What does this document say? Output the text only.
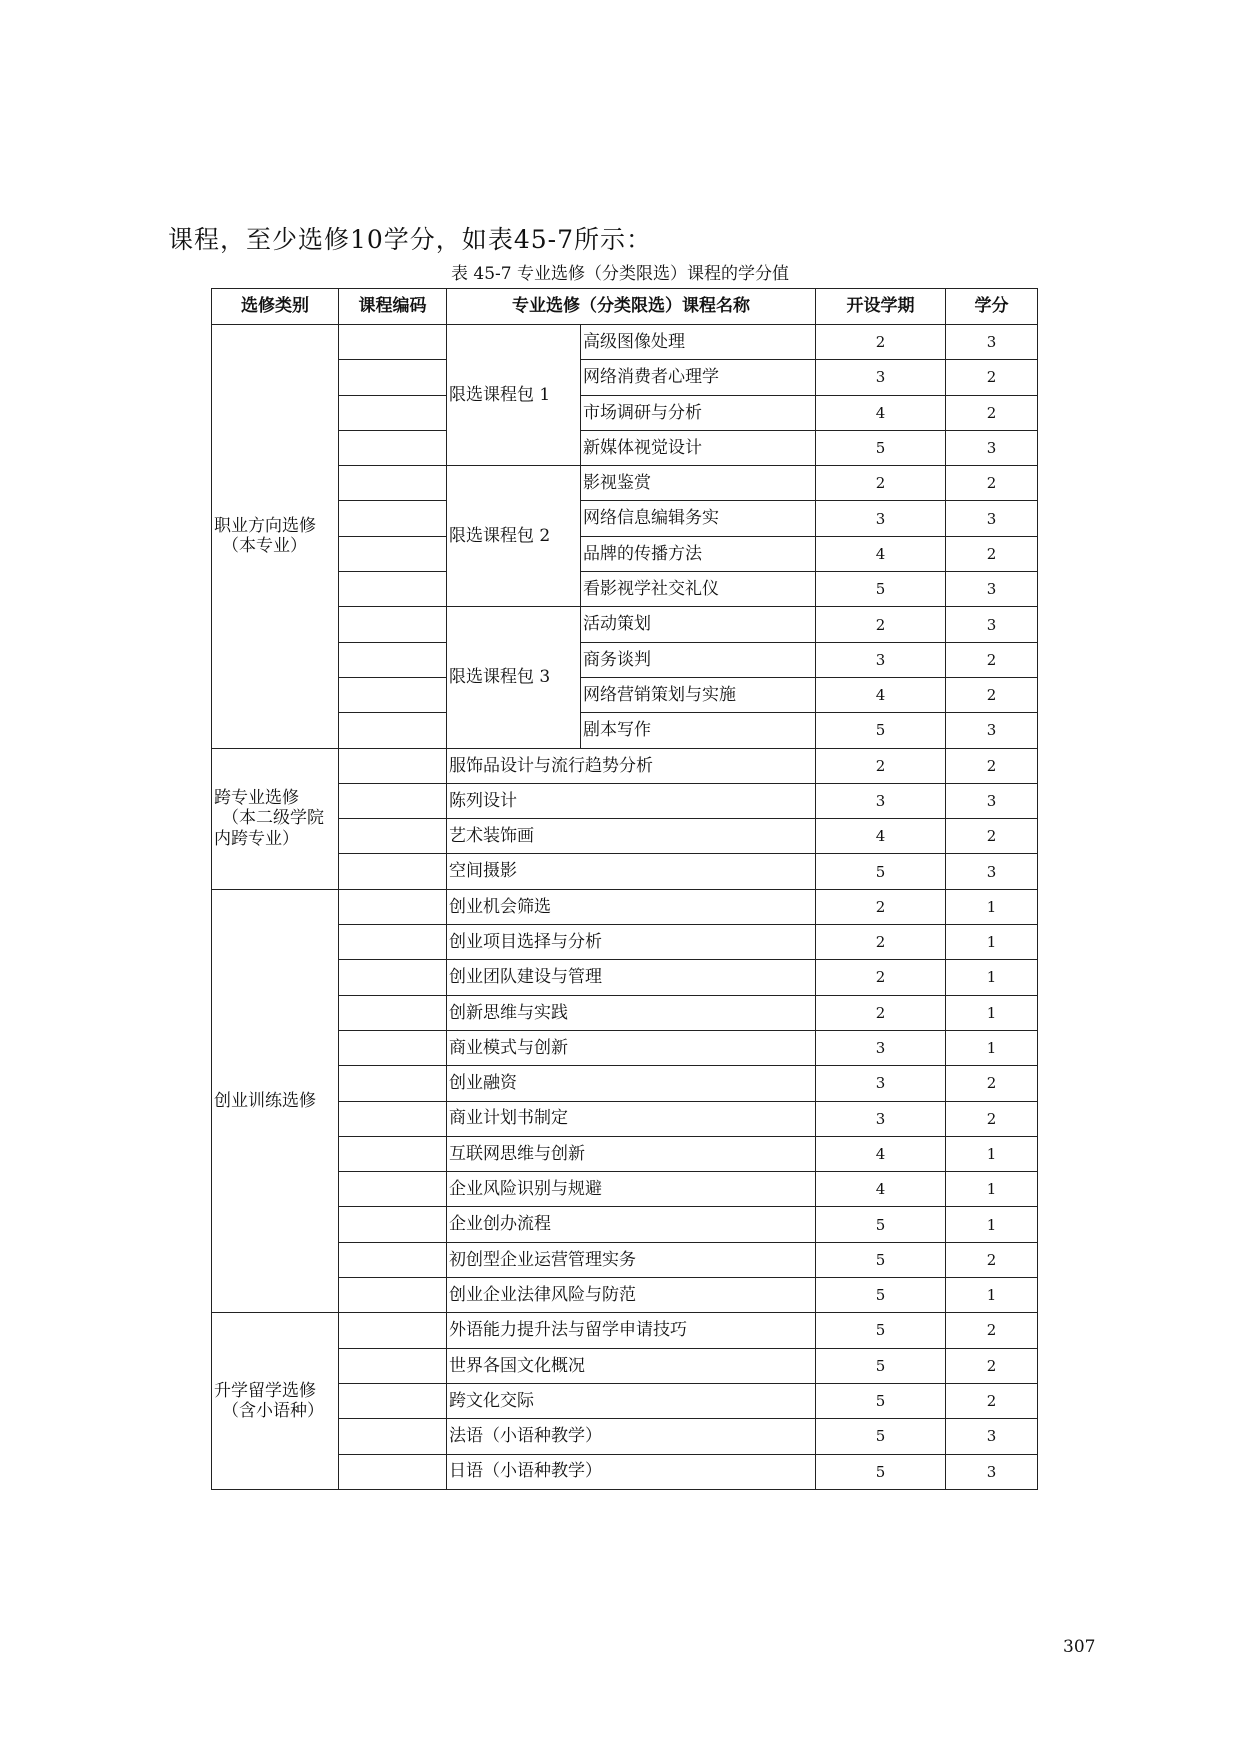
课程，至少选修10学分，如表45-7所示：
表 45-7 专业选修（分类限选）课程的学分值
选修类别	课程编码	专业选修（分类限选）课程名称		开设学期	学分

职业方向选修
（本专业）		限选课程包 1	高级图像处理	2	3
			网络消费者心理学	3	2
			市场调研与分析	4	2
			新媒体视觉设计	5	3
		限选课程包 2	影视鉴赏	2	2
			网络信息编辑务实	3	3
			品牌的传播方法	4	2
			看影视学社交礼仪	5	3
		限选课程包 3	活动策划	2	3
			商务谈判	3	2
			网络营销策划与实施	4	2
			剧本写作	5	3

跨专业选修
（本二级学院
内跨专业）		服饰品设计与流行趋势分析		2	2
		陈列设计		3	3
		艺术装饰画		4	2
		空间摄影		5	3

创业训练选修		创业机会筛选		2	1
		创业项目选择与分析		2	1
		创业团队建设与管理		2	1
		创新思维与实践		2	1
		商业模式与创新		3	1
		创业融资		3	2
		商业计划书制定		3	2
		互联网思维与创新		4	1
		企业风险识别与规避		4	1
		企业创办流程		5	1
		初创型企业运营管理实务		5	2
		创业企业法律风险与防范		5	1

升学留学选修
（含小语种）		外语能力提升法与留学申请技巧		5	2
		世界各国文化概况		5	2
		跨文化交际		5	2
		法语（小语种教学）		5	3
		日语（小语种教学）		5	3
307
